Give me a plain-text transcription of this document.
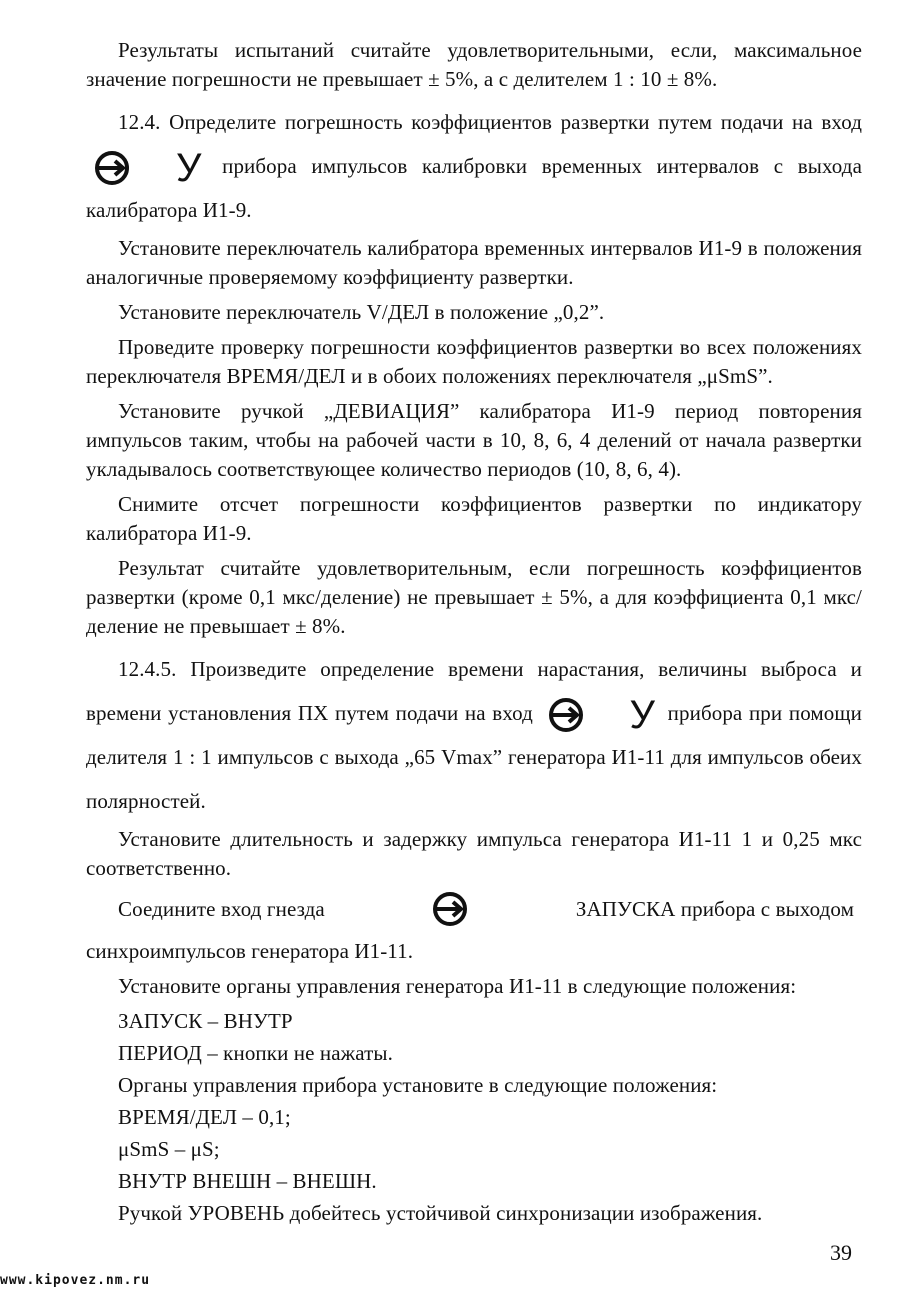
Результаты испытаний считайте удовлетворительными, если, максимальное значение погрешности не превышает ± 5%, а с делителем 1 : 10 ± 8%.

12.4. Определите погрешность коэффициентов развертки путем подачи на вход
У прибора импульсов калибровки временных интервалов с выхода калибратора И1-9.

Установите переключатель калибратора временных интервалов И1-9 в положения аналогичные проверяемому коэффициенту развертки.

Установите переключатель V/ДЕЛ в положение „0,2”.

Проведите проверку погрешности коэффициентов развертки во всех положениях переключателя ВРЕМЯ/ДЕЛ и в обоих положениях переключателя „μSmS”.

Установите ручкой „ДЕВИАЦИЯ” калибратора И1-9 период повторения импульсов таким, чтобы на рабочей части в 10, 8, 6, 4 делений от начала развертки укладывалось соответствующее количество периодов (10, 8, 6, 4).

Снимите отсчет погрешности коэффициентов развертки по индикатору калибратора И1-9.

Результат считайте удовлетворительным, если погрешность коэффициентов развертки (кроме 0,1 мкс/деление) не превышает ± 5%, а для коэффициента 0,1 мкс/деление не превышает ± 8%.

12.4.5. Произведите определение времени нарастания, величины выброса и времени установления ПХ путем подачи на вход	У прибора при помощи делителя 1 : 1 импульсов с выхода „65 Vmax” генератора И1-11 для импульсов обеих полярностей.

Установите длительность и задержку импульса генератора И1-11 1 и 0,25 мкс соответственно.

Соедините вход гнезда	ЗАПУСКА прибора с выходом

синхроимпульсов генератора И1-11.

Установите органы управления генератора И1-11 в следующие положения:

ЗАПУСК – ВНУТР

ПЕРИОД – кнопки не нажаты.

Органы управления прибора установите в следующие положения:

ВРЕМЯ/ДЕЛ – 0,1;

μSmS – μS;

ВНУТР ВНЕШН – ВНЕШН.

Ручкой УРОВЕНЬ добейтесь устойчивой синхронизации изображения.

39
www.kipovez.nm.ru
